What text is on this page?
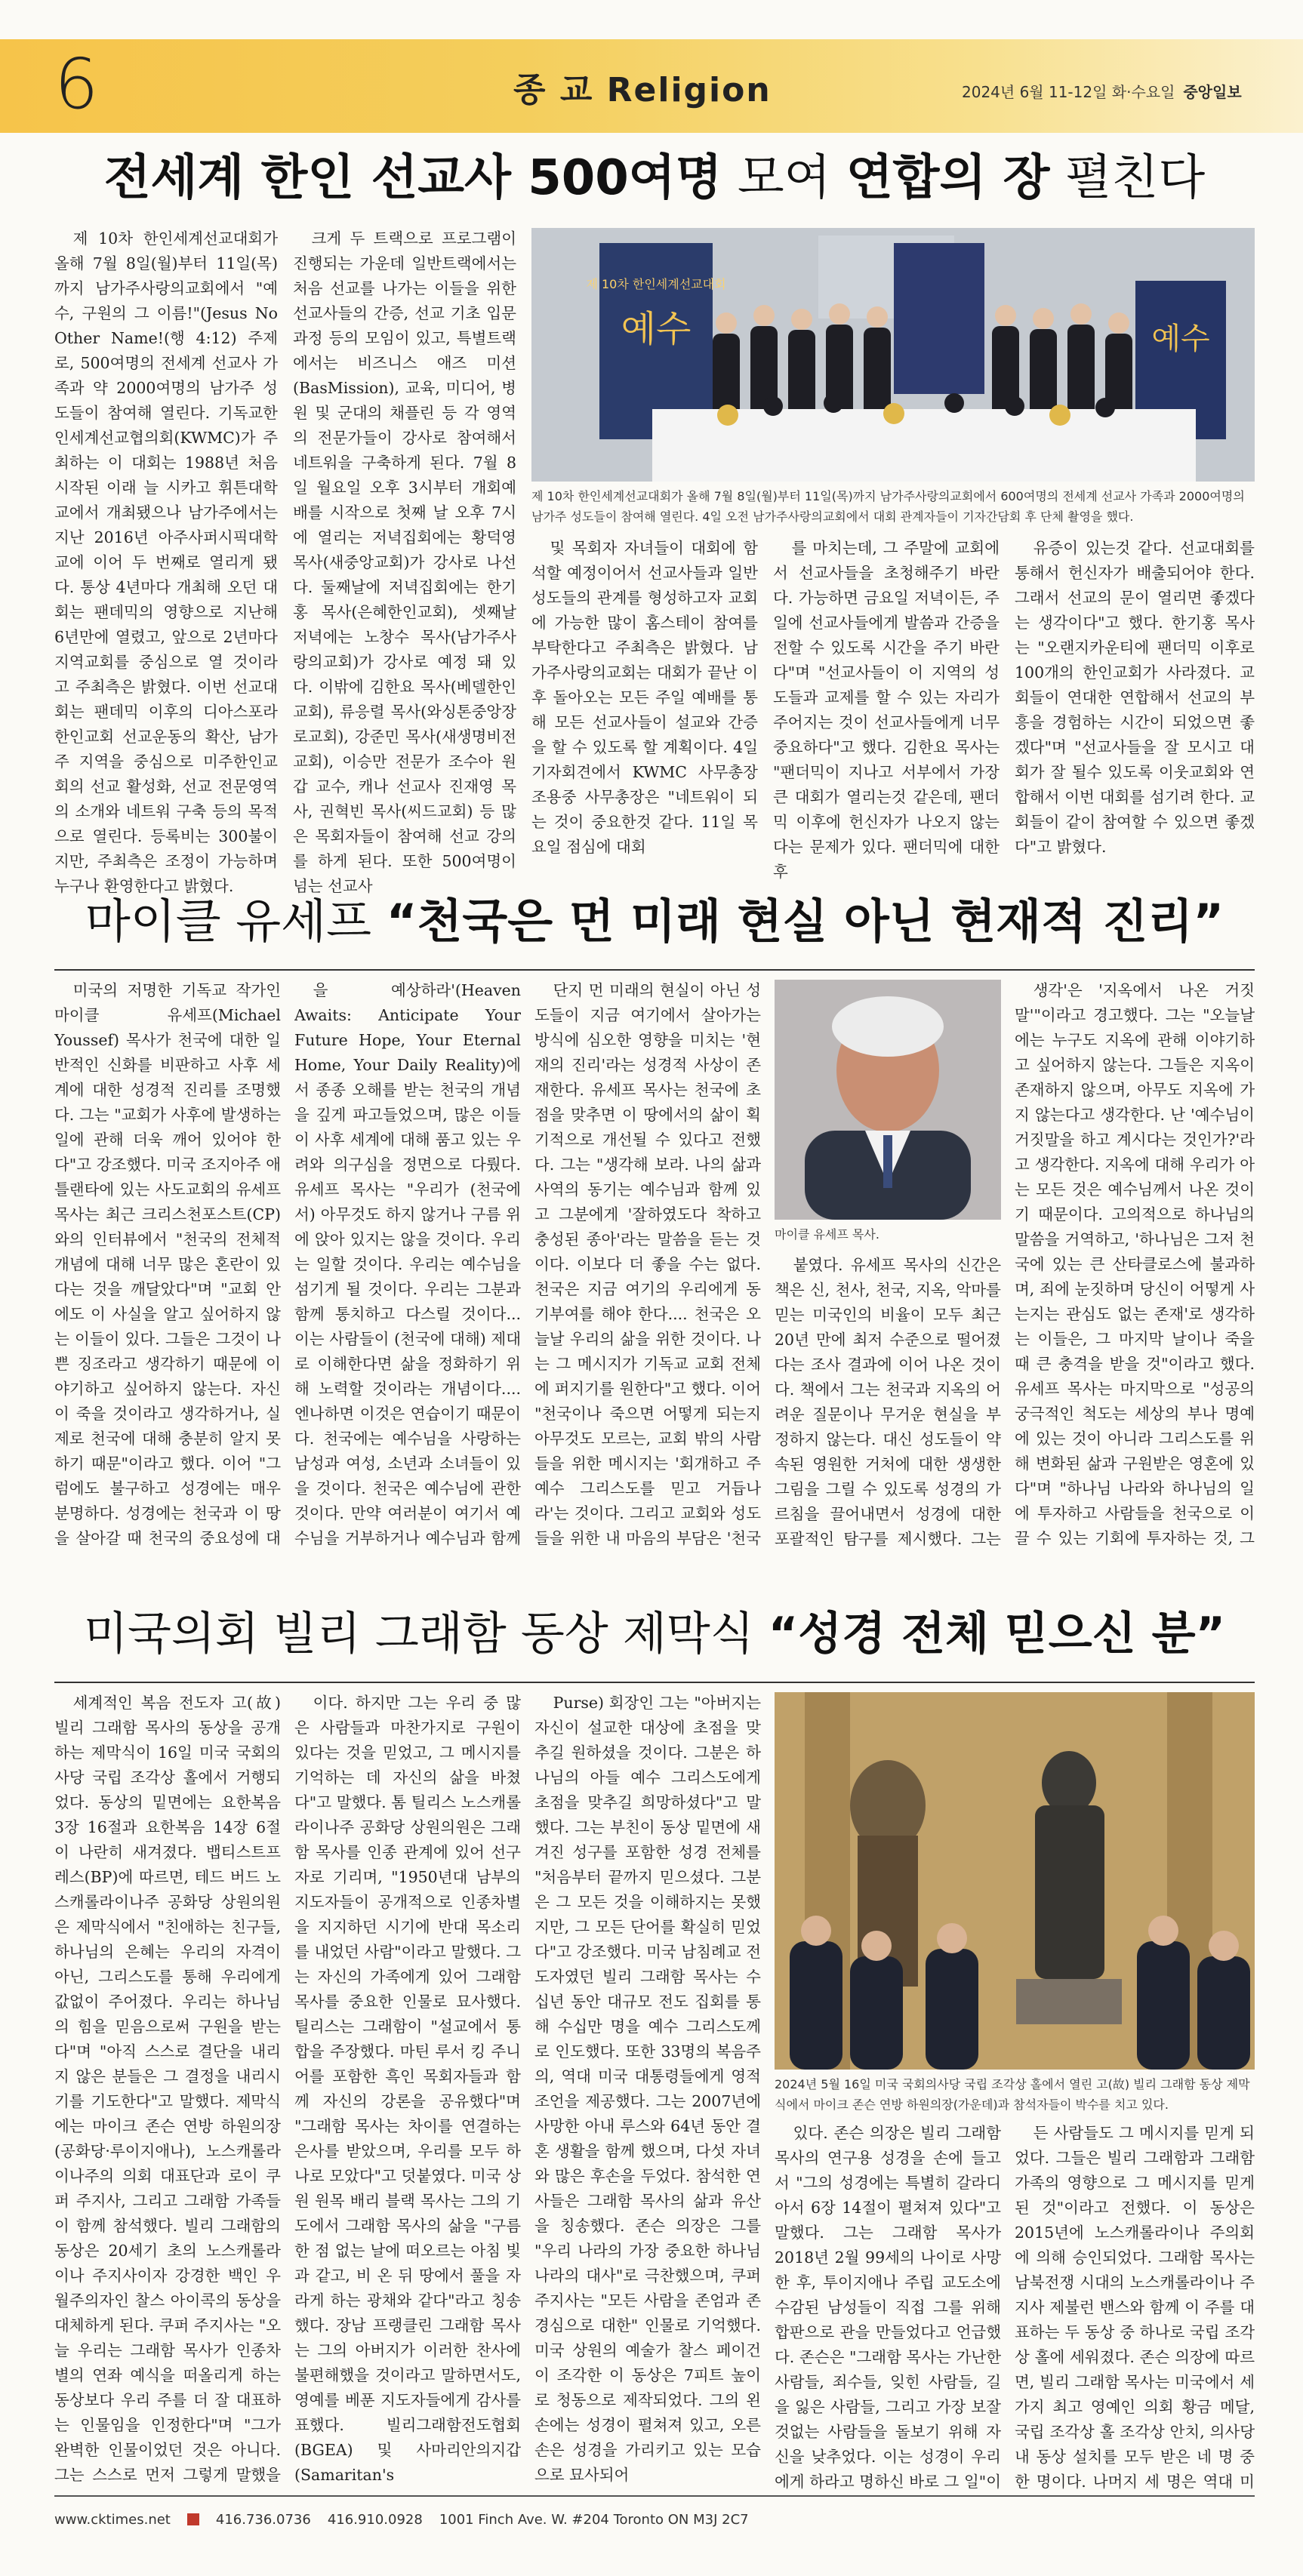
6	종 교 Religion	2024년 6월 11-12일 화·수요일 중앙일보
전세계 한인 선교사 500여명 모여 연합의 장 펼친다

제 10차 한인세계선교대회가 올해 7월 8일(월)부터 11일(목)까지 남가주사랑의교회에서 "예수, 구원의 그 이름!"(Jesus No Other Name!(행 4:12) 주제로, 500여명의 전세계 선교사 가족과 약 2000여명의 남가주 성도들이 참여해 열린다. 기독교한인세계선교협의회(KWMC)가 주최하는 이 대회는 1988년 처음 시작된 이래 늘 시카고 휘튼대학교에서 개최됐으나 남가주에서는 지난 2016년 아주사퍼시픽대학교에 이어 두 번째로 열리게 됐다. 통상 4년마다 개최해 오던 대회는 팬데믹의 영향으로 지난해 6년만에 열렸고, 앞으로 2년마다 지역교회를 중심으로 열 것이라고 주최측은 밝혔다. 이번 선교대회는 팬데믹 이후의 디아스포라 한인교회 선교운동의 확산, 남가주 지역을 중심으로 미주한인교회의 선교 활성화, 선교 전문영역의 소개와 네트워 구축 등의 목적으로 열린다. 등록비는 300불이지만, 주최측은 조정이 가능하며 누구나 환영한다고 밝혔다.

크게 두 트랙으로 프로그램이 진행되는 가운데 일반트랙에서는 처음 선교를 나가는 이들을 위한 선교사들의 간증, 선교 기초 입문 과정 등의 모임이 있고, 특별트랙에서는 비즈니스 애즈 미션(BasMission), 교육, 미디어, 병원 및 군대의 채플린 등 각 영역의 전문가들이 강사로 참여해서 네트워을 구축하게 된다. 7월 8일 월요일 오후 3시부터 개회예배를 시작으로 첫째 날 오후 7시에 열리는 저녁집회에는 황덕영 목사(새중앙교회)가 강사로 나선다. 둘째날에 저녁집회에는 한기홍 목사(은혜한인교회), 셋째날 저녁에는 노창수 목사(남가주사랑의교회)가 강사로 예정 돼 있다. 이밖에 김한요 목사(베델한인교회), 류응렬 목사(와싱톤중앙장로교회), 강준민 목사(새생명비전교회), 이승만 전문가 조수아 원갑 교수, 캐나 선교사 진재영 목사, 권혁빈 목사(씨드교회) 등 많은 목회자들이 참여해 선교 강의를 하게 된다. 또한 500여명이 넘는 선교사

제 10차 한인세계선교대회
예수	예수
제 10차 한인세계선교대회가 올해 7월 8일(월)부터 11일(목)까지 남가주사랑의교회에서 600여명의 전세계 선교사 가족과 2000여명의 남가주 성도들이 참여해 열린다. 4일 오전 남가주사랑의교회에서 대회 관계자들이 기자간담회 후 단체 촬영을 했다.

및 목회자 자녀들이 대회에 함석할 예정이어서 선교사들과 일반 성도들의 관계를 형성하고자 교회에 가능한 많이 홈스테이 참여를 부탁한다고 주최측은 밝혔다. 남가주사랑의교회는 대회가 끝난 이후 돌아오는 모든 주일 예배를 통해 모든 선교사들이 설교와 간증을 할 수 있도록 할 계획이다. 4일 기자회견에서 KWMC 사무총장 조용중 사무총장은 "네트워이 되는 것이 중요한것 같다. 11일 목요일 점심에 대회

를 마치는데, 그 주말에 교회에서 선교사들을 초청해주기 바란다. 가능하면 금요일 저녁이든, 주일에 선교사들에게 발씀과 간증을 전할 수 있도록 시간을 주기 바란다"며 "선교사들이 이 지역의 성도들과 교제를 할 수 있는 자리가 주어지는 것이 선교사들에게 너무 중요하다"고 했다. 김한요 목사는 "팬더믹이 지나고 서부에서 가장 큰 대회가 열리는것 같은데, 팬더믹 이후에 헌신자가 나오지 않는다는 문제가 있다. 팬더믹에 대한 후

유증이 있는것 같다. 선교대회를 통해서 헌신자가 배출되어야 한다. 그래서 선교의 문이 열리면 좋겠다는 생각이다"고 했다. 한기홍 목사는 "오랜지카운티에 팬더믹 이후로 100개의 한인교회가 사라졌다. 교회들이 연대한 연합해서 선교의 부흥을 경험하는 시간이 되었으면 좋겠다"며 "선교사들을 잘 모시고 대회가 잘 될수 있도록 이웃교회와 연합해서 이번 대회를 섬기려 한다. 교회들이 같이 참여할 수 있으면 좋겠다"고 밝혔다.

마이클 유세프 “천국은 먼 미래 현실 아닌 현재적 진리”

미국의 저명한 기독교 작가인 마이클 유세프(Michael Youssef) 목사가 천국에 대한 일반적인 신화를 비판하고 사후 세계에 대한 성경적 진리를 조명했다. 그는 "교회가 사후에 발생하는 일에 관해 더욱 깨어 있어야 한다"고 강조했다. 미국 조지아주 애틀랜타에 있는 사도교회의 유세프 목사는 최근 크리스천포스트(CP)와의 인터뷰에서 "천국의 전체적 개념에 대해 너무 많은 혼란이 있다는 것을 깨달았다"며 "교회 안에도 이 사실을 알고 싶어하지 않는 이들이 있다. 그들은 그것이 나쁜 징조라고 생각하기 때문에 이야기하고 싶어하지 않는다. 자신이 죽을 것이라고 생각하거나, 실제로 천국에 대해 충분히 알지 못하기 때문"이라고 했다. 이어 "그럼에도 불구하고 성경에는 매우 분명하다. 성경에는 천국과 이 땅을 살아갈 때 천국의 중요성에 대

을 예상하라'(Heaven Awaits: Anticipate Your Future Hope, Your Eternal Home, Your Daily Reality)에서 종종 오해를 받는 천국의 개념을 깊게 파고들었으며, 많은 이들이 사후 세계에 대해 품고 있는 우려와 의구심을 정면으로 다뤘다. 유세프 목사는 "우리가 (천국에서) 아무것도 하지 않거나 구름 위에 앉아 있지는 않을 것이다. 우리는 일할 것이다. 우리는 예수님을 섬기게 될 것이다. 우리는 그분과 함께 통치하고 다스릴 것이다... 이는 사람들이 (천국에 대해) 제대로 이해한다면 삶을 정화하기 위해 노력할 것이라는 개념이다.... 엔나하면 이것은 연습이기 때문이다. 천국에는 예수님을 사랑하는 남성과 여성, 소년과 소녀들이 있을 것이다. 천국은 예수님에 관한 것이다. 만약 여러분이 여기서 예수님을 거부하거나 예수님과 함께

단지 먼 미래의 현실이 아닌 성도들이 지금 여기에서 살아가는 방식에 심오한 영향을 미치는 '현재의 진리'라는 성경적 사상이 존재한다. 유세프 목사는 천국에 초점을 맞추면 이 땅에서의 삶이 획기적으로 개선될 수 있다고 전했다. 그는 "생각해 보라. 나의 삶과 사역의 동기는 예수님과 함께 있고 그분에게 '잘하였도다 착하고 충성된 종아'라는 말씀을 듣는 것이다. 이보다 더 좋을 수는 없다. 천국은 지금 여기의 우리에게 동기부여를 해야 한다.... 천국은 오늘날 우리의 삶을 위한 것이다. 나는 그 메시지가 기독교 교회 전체에 퍼지기를 원한다"고 했다. 이어 "천국이나 죽으면 어떻게 되는지 아무것도 모르는, 교회 밖의 사람들을 위한 메시지는 '회개하고 주 예수 그리스도를 믿고 거듭나라'는 것이다. 그리고 교회와 성도들을 위한 내 마음의 부담은 '천국

마이클 유세프 목사.

붙였다. 유세프 목사의 신간은 책은 신, 천사, 천국, 지옥, 악마를 믿는 미국인의 비율이 모두 최근 20년 만에 최저 수준으로 떨어졌다는 조사 결과에 이어 나온 것이다. 책에서 그는 천국과 지옥의 어려운 질문이나 무거운 현실을 부정하지 않는다. 대신 성도들이 약속된 영원한 거처에 대한 생생한 그림을 그릴 수 있도록 성경의 가르침을 끌어내면서 성경에 대한 포괄적인 탐구를 제시했다. 그는

생각'은 '지옥에서 나온 거짓말'"이라고 경고했다. 그는 "오늘날에는 누구도 지옥에 관해 이야기하고 싶어하지 않는다. 그들은 지옥이 존재하지 않으며, 아무도 지옥에 가지 않는다고 생각한다. 난 '예수님이 거짓말을 하고 계시다는 것인가?'라고 생각한다. 지옥에 대해 우리가 아는 모든 것은 예수님께서 나온 것이기 때문이다. 고의적으로 하나님의 말씀을 거역하고, '하나님은 그저 천국에 있는 큰 산타클로스에 불과하며, 죄에 눈짓하며 당신이 어떻게 사는지는 관심도 없는 존재'로 생각하는 이들은, 그 마지막 날이나 죽을 때 큰 충격을 받을 것"이라고 했다. 유세프 목사는 마지막으로 "성공의 궁극적인 척도는 세상의 부나 명예에 있는 것이 아니라 그리스도를 위해 변화된 삶과 구원받은 영혼에 있다"며 "하나님 나라와 하나님의 일에 투자하고 사람들을 천국으로 이끌 수 있는 기회에 투자하는 것, 그

미국의회 빌리 그래함 동상 제막식 “성경 전체 믿으신 분”

세계적인 복음 전도자 고(故) 빌리 그래함 목사의 동상을 공개하는 제막식이 16일 미국 국회의사당 국립 조각상 홀에서 거행되었다. 동상의 밑면에는 요한복음 3장 16절과 요한복음 14장 6절이 나란히 새겨졌다. 뱁티스트프레스(BP)에 따르면, 테드 버드 노스캐롤라이나주 공화당 상원의원은 제막식에서 "친애하는 친구들, 하나님의 은혜는 우리의 자격이 아닌, 그리스도를 통해 우리에게 값없이 주어졌다. 우리는 하나님의 힘을 믿음으로써 구원을 받는다"며 "아직 스스로 결단을 내리지 않은 분들은 그 결정을 내리시기를 기도한다"고 말했다. 제막식에는 마이크 존슨 연방 하원의장(공화당·루이지애나), 노스캐롤라이나주의 의회 대표단과 로이 쿠퍼 주지사, 그리고 그래함 가족들이 함께 참석했다. 빌리 그래함의 동상은 20세기 초의 노스캐롤라이나 주지사이자 강경한 백인 우월주의자인 찰스 아이콕의 동상을 대체하게 된다. 쿠퍼 주지사는 "오늘 우리는 그래함 목사가 인종차별의 연좌 예식을 떠올리게 하는 동상보다 우리 주를 더 잘 대표하는 인물임을 인정한다"며 "그가 완벽한 인물이었던 것은 아니다. 그는 스스로 먼저 그렇게 말했을

이다. 하지만 그는 우리 중 많은 사람들과 마찬가지로 구원이 있다는 것을 믿었고, 그 메시지를 기억하는 데 자신의 삶을 바쳤다"고 말했다. 톰 틸리스 노스캐롤라이나주 공화당 상원의원은 그래함 목사를 인종 관계에 있어 선구자로 기리며, "1950년대 남부의 지도자들이 공개적으로 인종차별을 지지하던 시기에 반대 목소리를 내었던 사람"이라고 말했다. 그는 자신의 가족에게 있어 그래함 목사를 중요한 인물로 묘사했다. 틸리스는 그래함이 "설교에서 통합을 주장했다. 마틴 루서 킹 주니어를 포함한 흑인 목회자들과 함께 자신의 강론을 공유했다"며 "그래함 목사는 차이를 연결하는 은사를 받았으며, 우리를 모두 하나로 모았다"고 덧붙였다. 미국 상원 원목 배리 블랙 목사는 그의 기도에서 그래함 목사의 삶을 "구름 한 점 없는 날에 떠오르는 아침 빛과 같고, 비 온 뒤 땅에서 풀을 자라게 하는 광채와 같다"라고 칭송했다. 장남 프랭클린 그래함 목사는 그의 아버지가 이러한 찬사에 불편해했을 것이라고 말하면서도, 영예를 베푼 지도자들에게 감사를 표했다. 빌리그래함전도협회(BGEA) 및 사마리안의지갑(Samaritan's

Purse) 회장인 그는 "아버지는 자신이 설교한 대상에 초점을 맞추길 원하셨을 것이다. 그분은 하나님의 아들 예수 그리스도에게 초점을 맞추길 희망하셨다"고 말했다. 그는 부친이 동상 밑면에 새겨진 성구를 포함한 성경 전체를 "처음부터 끝까지 믿으셨다. 그분은 그 모든 것을 이해하지는 못했지만, 그 모든 단어를 확실히 믿었다"고 강조했다. 미국 남침례교 전도자였던 빌리 그래함 목사는 수십년 동안 대규모 전도 집회를 통해 수십만 명을 예수 그리스도께로 인도했다. 또한 33명의 복음주의, 역대 미국 대통령들에게 영적 조언을 제공했다. 그는 2007년에 사망한 아내 루스와 64년 동안 결혼 생활을 함께 했으며, 다섯 자녀와 많은 후손을 두었다. 참석한 연사들은 그래함 목사의 삶과 유산을 칭송했다. 존슨 의장은 그를 "우리 나라의 가장 중요한 하나님 나라의 대사"로 극찬했으며, 쿠퍼 주지사는 "모든 사람을 존엄과 존경심으로 대한" 인물로 기억했다. 미국 상원의 예술가 찰스 페이건이 조각한 이 동상은 7피트 높이로 청동으로 제작되었다. 그의 왼손에는 성경이 펼쳐져 있고, 오른손은 성경을 가리키고 있는 모습으로 묘사되어

2024년 5월 16일 미국 국회의사당 국립 조각상 홀에서 열린 고(故) 빌리 그래함 동상 제막식에서 마이크 존슨 연방 하원의장(가운데)과 참석자들이 박수를 치고 있다.

있다. 존슨 의장은 빌리 그래함 목사의 연구용 성경을 손에 들고서 "그의 성경에는 특별히 갈라디아서 6장 14절이 펼쳐져 있다"고 말했다. 그는 그래함 목사가 2018년 2월 99세의 나이로 사망한 후, 투이지애나 주립 교도소에 수감된 남성들이 직접 그를 위해 합판으로 관을 만들었다고 언급했다. 존슨은 "그래함 목사는 가난한 사람들, 죄수들, 잊힌 사람들, 길을 잃은 사람들, 그리고 가장 보잘것없는 사람들을 돌보기 위해 자신을 낮추었다. 이는 성경이 우리에게 하라고 명하신 바로 그 일"이

든 사람들도 그 메시지를 믿게 되었다. 그들은 빌리 그래함과 그래함 가족의 영향으로 그 메시지를 믿게 된 것"이라고 전했다. 이 동상은 2015년에 노스캐롤라이나 주의회에 의해 승인되었다. 그래함 목사는 남북전쟁 시대의 노스캐롤라이나 주지사 제불런 밴스와 함께 이 주를 대표하는 두 동상 중 하나로 국립 조각상 홀에 세워졌다. 존슨 의장에 따르면, 빌리 그래함 목사는 미국에서 세 가지 최고 영예인 의회 황금 메달, 국립 조각상 홀 조각상 안치, 의사당 내 동상 설치를 모두 받은 네 명 중 한 명이다. 나머지 세 명은 역대 미

www.cktimes.net	416.736.0736 416.910.0928 1001 Finch Ave. W. #204 Toronto ON M3J 2C7
